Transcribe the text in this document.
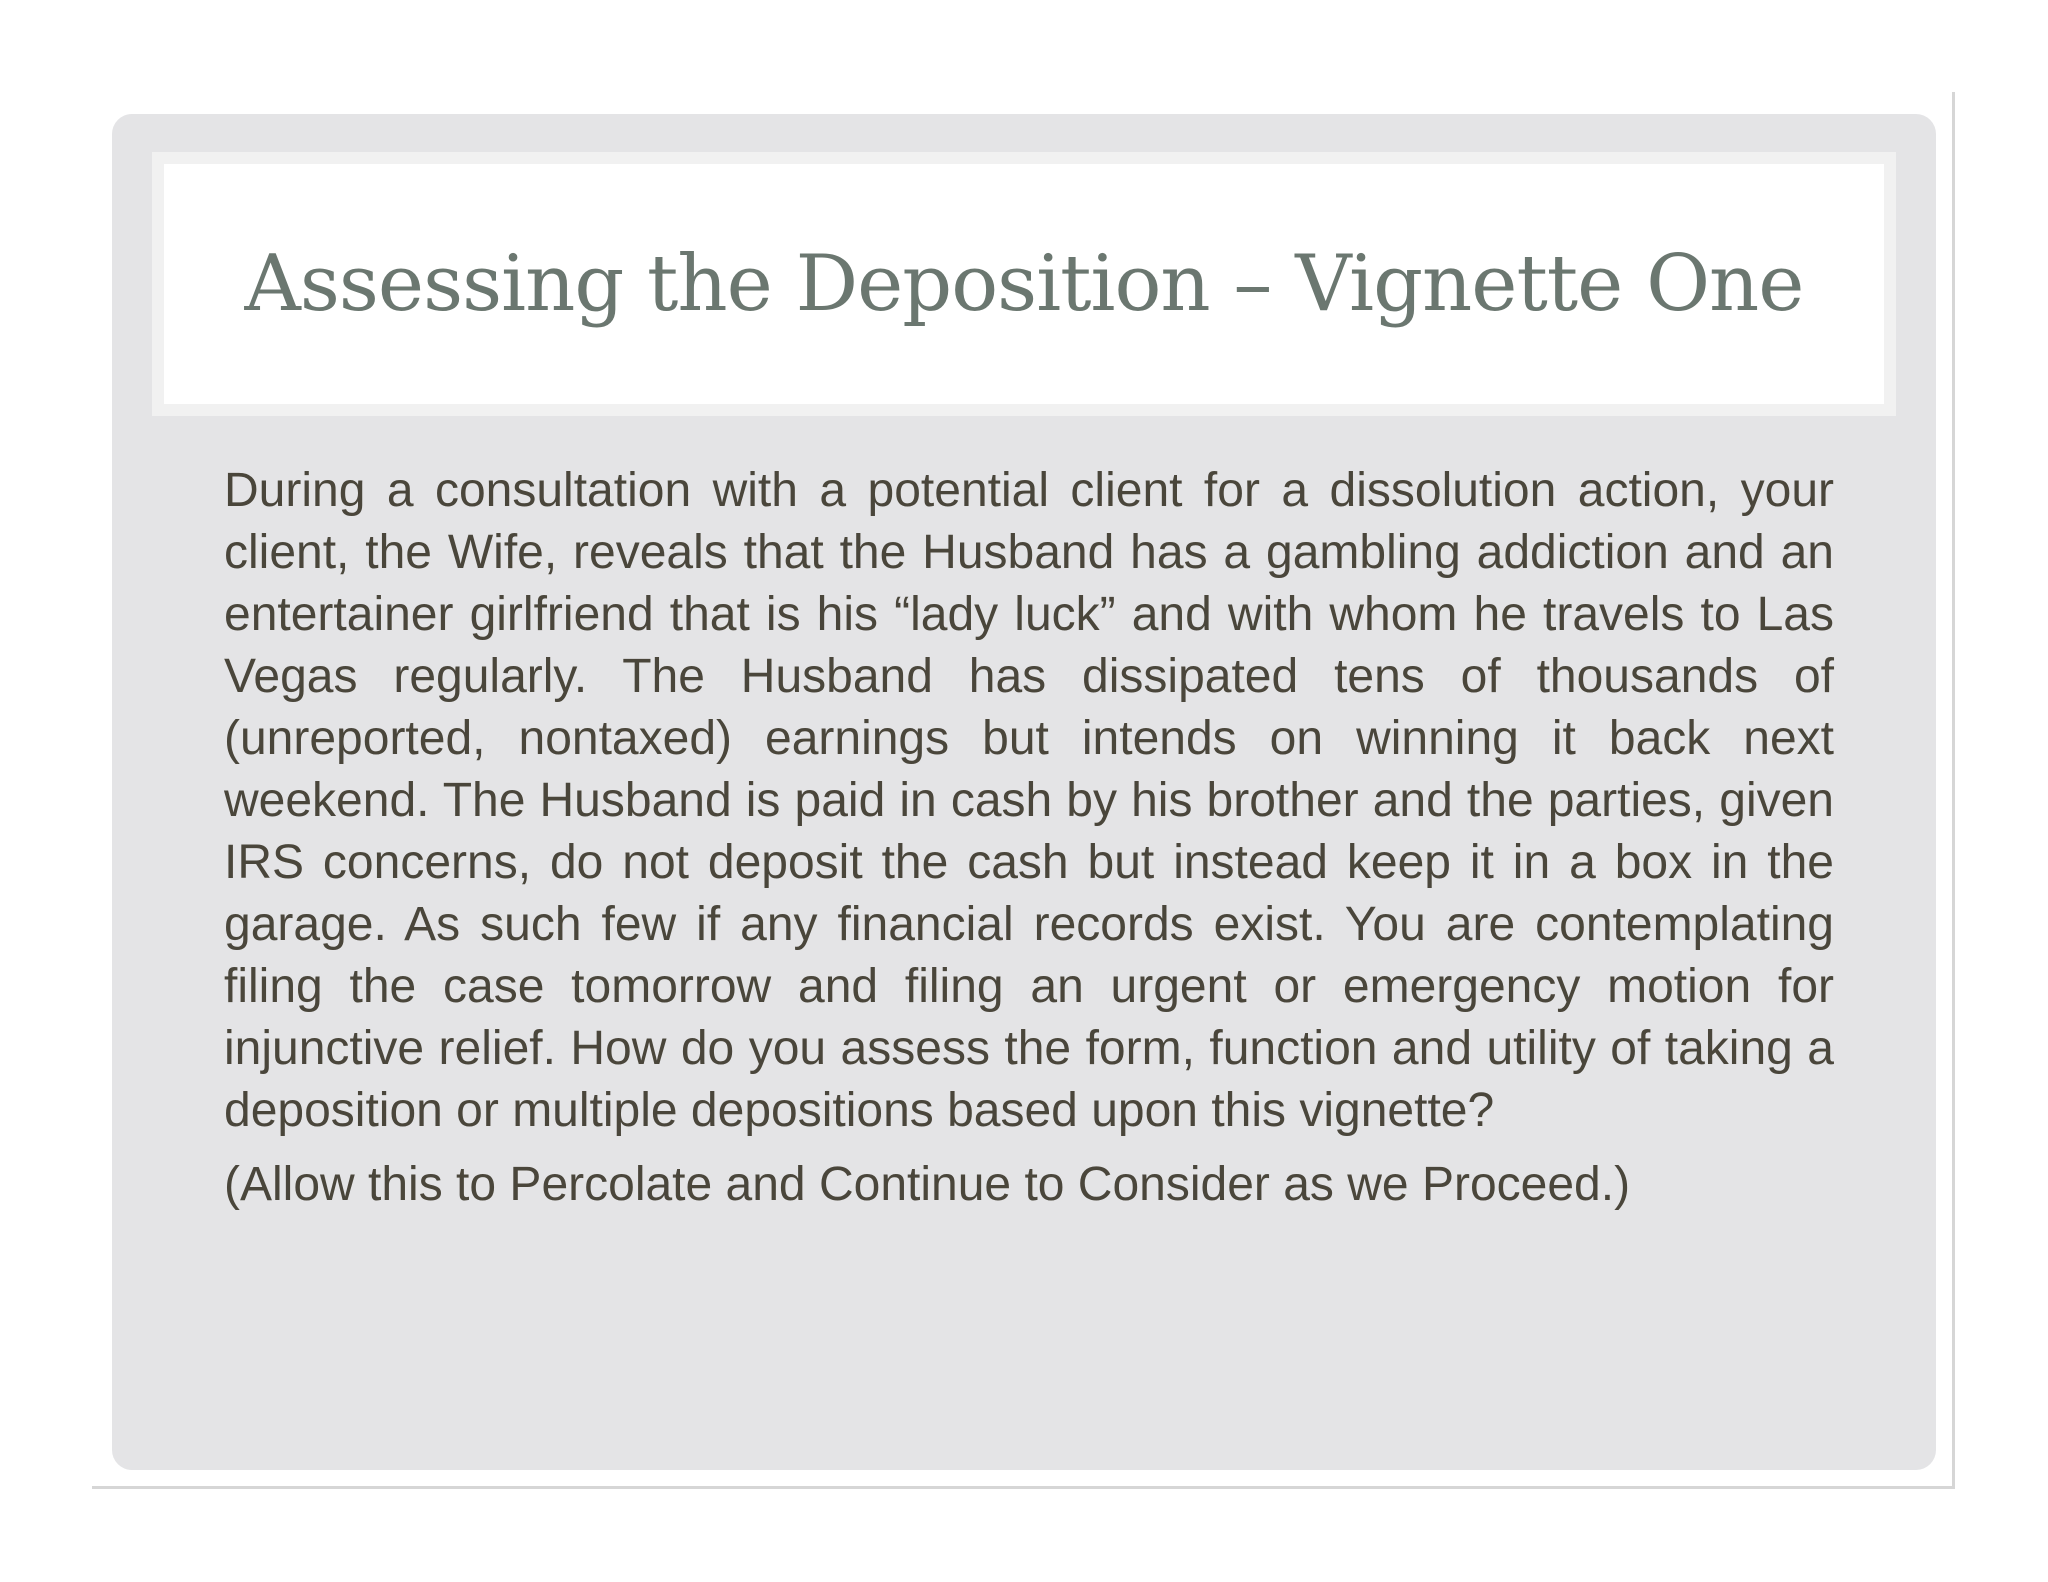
Assessing the Deposition – Vignette One

During a consultation with a potential client for a dissolution action, your client, the Wife, reveals that the Husband has a gambling addiction and an entertainer girlfriend that is his “lady luck” and with whom he travels to Las Vegas regularly. The Husband has dissipated tens of thousands of (unreported, nontaxed) earnings but intends on winning it back next weekend. The Husband is paid in cash by his brother and the parties, given IRS concerns, do not deposit the cash but instead keep it in a box in the garage. As such few if any financial records exist. You are contemplating filing the case tomorrow and filing an urgent or emergency motion for injunctive relief. How do you assess the form, function and utility of taking a deposition or multiple depositions based upon this vignette?

(Allow this to Percolate and Continue to Consider as we Proceed.)
